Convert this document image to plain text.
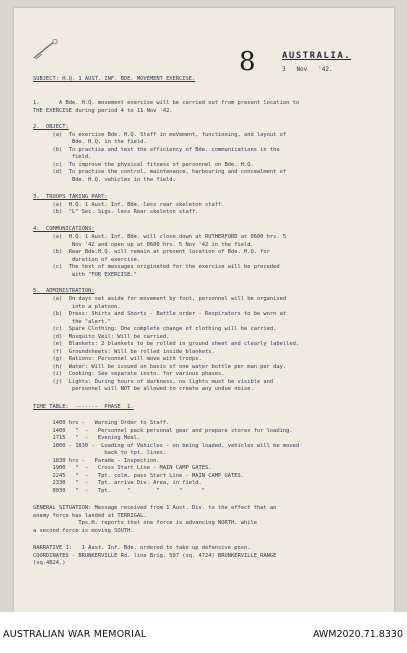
8	AUSTRALIA.
3   Nov   '42.
SUBJECT: H.Q. 1 AUST. INF. BDE. MOVEMENT EXERCISE.
1.      A Bde. H.Q. movement exercise will be carried out from present location to
THE EXERCISE during period 4 to 11 Nov '42.
2.  OBJECT:
(a)  To exercise Bde. H.Q. Staff in movement, functioning, and layout of
Bde. H.Q. in the field.
(b)  To practise and test the efficiency of Bde. communications in the
field.
(c)  To improve the physical fitness of personnel on Bde. H.Q.
(d)  To practise the control, maintenance, harbouring and concealment of
Bde. H.Q. vehicles in the field.
3.  TROOPS TAKING PART:
(a)  H.Q. 1 Aust. Inf. Bde. less rear skeleton staff.
(b)  "L" Sec. Sigs. less Rear skeleton staff.
4.  COMMUNICATIONS:
(a)  H.Q. 1 Aust. Inf. Bde. will close down at RUTHERFORD at 0600 hrs. 5
Nov '42 and open up at 0600 hrs. 5 Nov '42 in the field.
(b)  Rear Bde.H.Q. will remain at present location of Bde. H.Q. for
duration of exercise.
(c)  The text of messages originated for the exercise will be preceded
with "FOR EXERCISE."
5.  ADMINISTRATION:
(a)  On days set aside for movement by foot, personnel will be organised
into a platoon.
(b)  Dress: Shirts and Shorts - Battle order - Respirators to be worn at
the "alert."
(c)  Spare Clothing: One complete change of clothing will be carried.
(d)  Mosquito Veil: Will be carried.
(e)  Blankets: 2 blankets to be rolled in ground sheet and clearly labelled.
(f)  Groundsheets: Will be rolled inside blankets.
(g)  Rations: Personnel will move with troops.
(h)  Water: Will be issued on basis of one water bottle per man per day.
(i)  Cooking: See separate instn. for various phases.
(j)  Lights: During hours of darkness, no lights must be visible and
personnel will NOT be allowed to create any undue noise.
TIME TABLE:  -------  PHASE  1.
1400 hrs -   Warning Order to Staff.
1400   "  -   Personnel pack personal gear and prepare stores for loading.
1715   "  -   Evening Meal.
1800 - 1830 -  Loading of Vehicles - on being loaded, vehicles will be moved
back to tpt. lines.
1830 hrs -   Parade - Inspection.
1900   "  -   Cross Start Line - MAIN CAMP GATES.
2245   "  -   Tpt. colm. pass Start Line - MAIN CAMP GATES.
2330   "  -   Tpt. arrive Div. Area, in field.
0030   "  -   Tpt.     "        "      "      "
GENERAL SITUATION: Message received from 1 Aust. Div. to the effect that an
enemy force has landed at TERRIGAL.
Tps.H. reports that one force is advancing NORTH, while
a second force is moving SOUTH.
NARRATIVE 1:   1 Aust. Inf. Bde. ordered to take up defensive posn.
COORDINATES - BRUNKERVILLE Rd. line Brig. 597 (sq. 4724) BRUNKERVILLE RANGE
(sq.4824.)
AUSTRALIAN WAR MEMORIAL	AWM2020.71.8330
